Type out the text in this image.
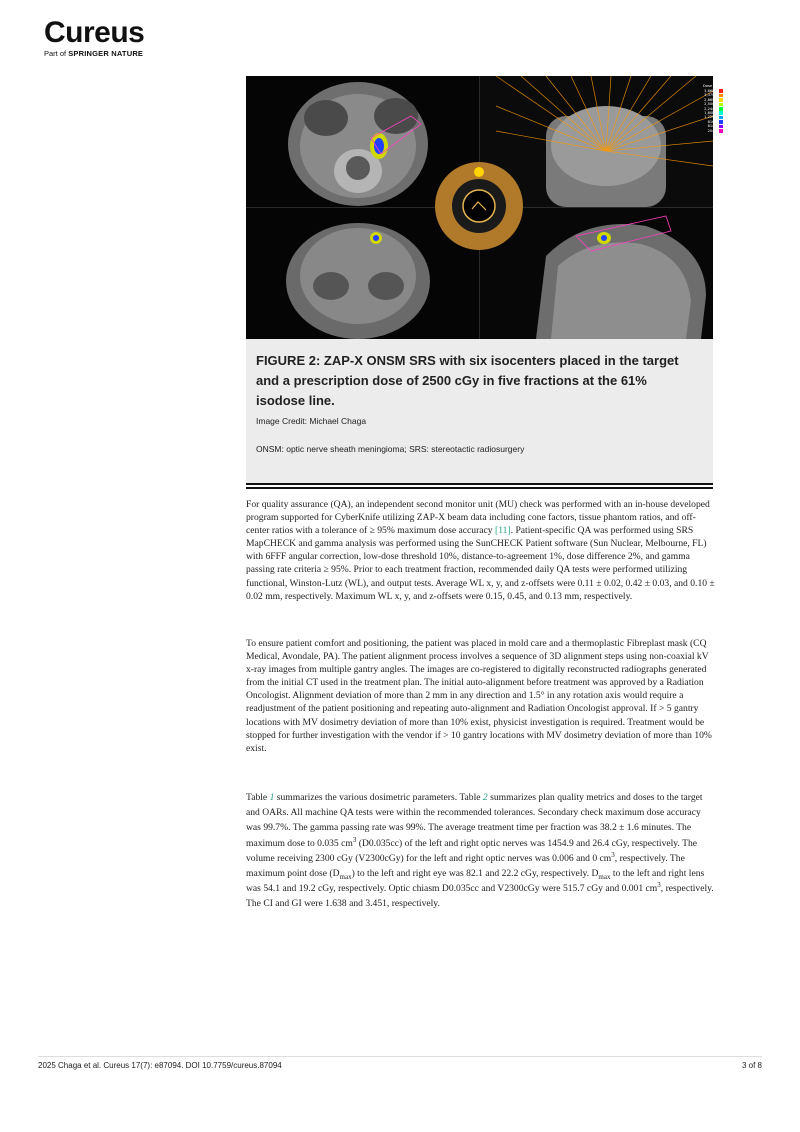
Cureus
Part of SPRINGER NATURE
Dose [cGy]
3,668.5
3,379.1
2,869.8
2,500.0
2,244.7
1,608.3
1,229.5
816.7
614.8
204.6
FIGURE 2: ZAP-X ONSM SRS with six isocenters placed in the target and a prescription dose of 2500 cGy in five fractions at the 61% isodose line.
Image Credit: Michael Chaga
ONSM: optic nerve sheath meningioma; SRS: stereotactic radiosurgery

For quality assurance (QA), an independent second monitor unit (MU) check was performed with an in-house developed program supported for CyberKnife utilizing ZAP-X beam data including cone factors, tissue phantom ratios, and off-center ratios with a tolerance of ≥ 95% maximum dose accuracy [11]. Patient-specific QA was performed using SRS MapCHECK and gamma analysis was performed using the SunCHECK Patient software (Sun Nuclear, Melbourne, FL) with 6FFF angular correction, low-dose threshold 10%, distance-to-agreement 1%, dose difference 2%, and gamma passing rate criteria ≥ 95%. Prior to each treatment fraction, recommended daily QA tests were performed utilizing functional, Winston-Lutz (WL), and output tests. Average WL x, y, and z-offsets were 0.11 ± 0.02, 0.42 ± 0.03, and 0.10 ± 0.02 mm, respectively. Maximum WL x, y, and z-offsets were 0.15, 0.45, and 0.13 mm, respectively.

To ensure patient comfort and positioning, the patient was placed in mold care and a thermoplastic Fibreplast mask (CQ Medical, Avondale, PA). The patient alignment process involves a sequence of 3D alignment steps using non-coaxial kV x-ray images from multiple gantry angles. The images are co-registered to digitally reconstructed radiographs generated from the initial CT used in the treatment plan. The initial auto-alignment before treatment was approved by a Radiation Oncologist. Alignment deviation of more than 2 mm in any direction and 1.5° in any rotation axis would require a readjustment of the patient positioning and repeating auto-alignment and Radiation Oncologist approval. If > 5 gantry locations with MV dosimetry deviation of more than 10% exist, physicist investigation is required. Treatment would be stopped for further investigation with the vendor if > 10 gantry locations with MV dosimetry deviation of more than 10% exist.

Table 1 summarizes the various dosimetric parameters. Table 2 summarizes plan quality metrics and doses to the target and OARs. All machine QA tests were within the recommended tolerances. Secondary check maximum dose accuracy was 99.7%. The gamma passing rate was 99%. The average treatment time per fraction was 38.2 ± 1.6 minutes. The maximum dose to 0.035 $cm^3$ (D0.035cc) of the left and right optic nerves was 1454.9 and 26.4 cGy, respectively. The volume receiving 2300 cGy (V2300cGy) for the left and right optic nerves was 0.006 and 0 $cm^3$, respectively. The maximum point dose $(D_{max})$ to the left and right eye was 82.1 and 22.2 cGy, respectively. $D_{max}$ to the left and right lens was 54.1 and 19.2 cGy, respectively. Optic chiasm D0.035cc and V2300cGy were 515.7 cGy and 0.001 $cm^3$, respectively. The CI and GI were 1.638 and 3.451, respectively.

2025 Chaga et al. Cureus 17(7): e87094. DOI 10.7759/cureus.87094	3 of 8
